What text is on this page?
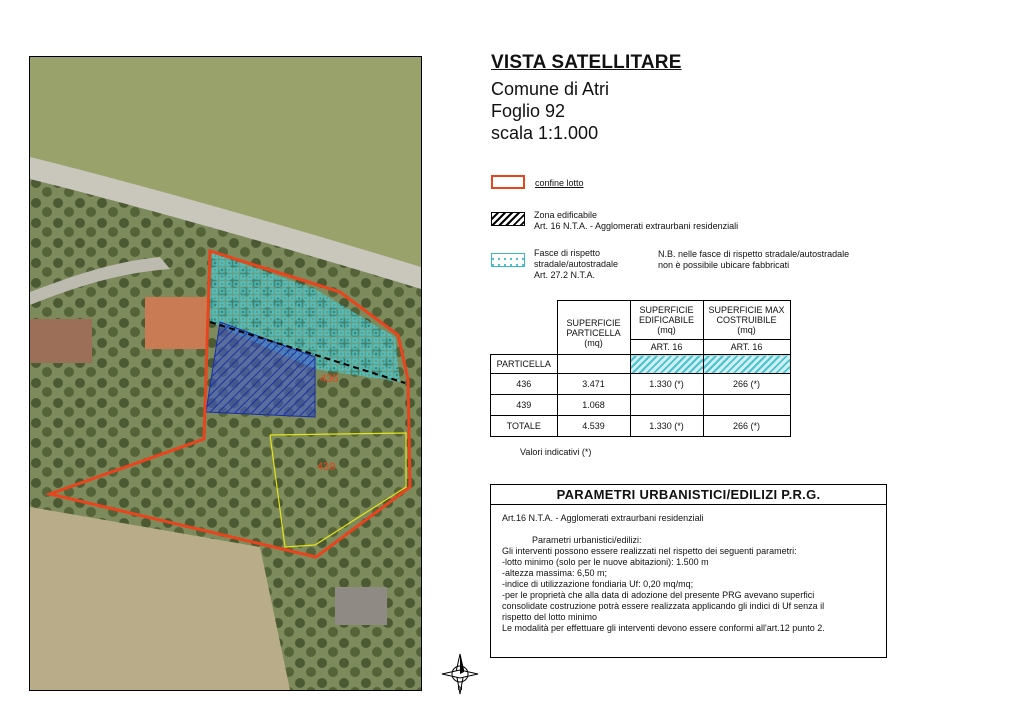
436
439

VISTA SATELLITARE

Comune di Atri

Foglio 92

scala 1:1.000

confine lotto
Zona edificabile
Art. 16 N.T.A. - Agglomerati extraurbani residenziali
Fasce di rispetto
stradale/autostradale
Art. 27.2 N.T.A.
N.B. nelle fasce di rispetto stradale/autostradale
non è possibile ubicare fabbricati
	SUPERFICIE PARTICELLA (mq)	SUPERFICIE EDIFICABILE (mq)	SUPERFICIE MAX COSTRUIBILE (mq)
		ART. 16	ART. 16
PARTICELLA			
436	3.471	1.330 (*)	266 (*)
439	1.068		
TOTALE	4.539	1.330 (*)	266 (*)
Valori indicativi (*)
PARAMETRI URBANISTICI/EDILIZI P.R.G.

Art.16 N.T.A. - Agglomerati extraurbani residenziali

Parametri urbanistici/edilizi:

Gli interventi possono essere realizzati nel rispetto dei seguenti parametri:

-lotto minimo (solo per le nuove abitazioni): 1.500 m

-altezza massima: 6,50 m;

-indice di utilizzazione fondiaria Uf: 0,20 mq/mq;

-per le proprietà che alla data di adozione del presente PRG avevano superfici

consolidate costruzione potrà essere realizzata applicando gli indici di Uf senza il

rispetto del lotto minimo

Le modalità per effettuare gli interventi devono essere conformi all'art.12 punto 2.

N
